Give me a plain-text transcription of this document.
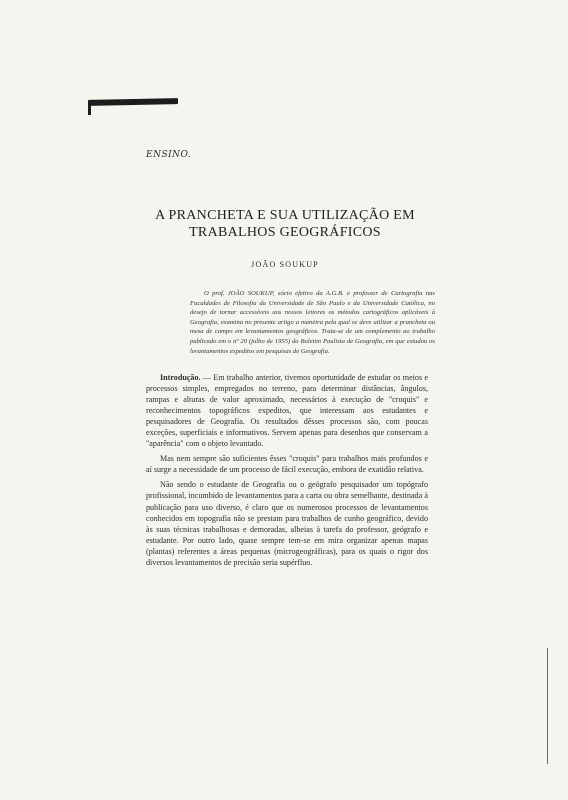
ENSINO.
A PRANCHETA E SUA UTILIZAÇÃO EM
TRABALHOS GEOGRÁFICOS
JOÃO SOUKUP

O prof. JOÃO SOUKUP, sócio efetivo da A.G.B. e professor de Cartografia nas Faculdades de Filosofia da Universidade de São Paulo e da Universidade Católica, no desejo de tornar accessíveis aos nossos leitores os métodos cartográficos aplicáveis à Geografia, examina no presente artigo a maneira pela qual se deve utilizar a prancheta ou mesa de campo em levantamentos geográficos. Trata-se de um complemento ao trabalho publicado em o nº 20 (julho de 1955) do Boletim Paulista de Geografia, em que estudou os levantamentos expeditos em pesquisas de Geografia.

Introdução. — Em trabalho anterior, tivemos oportunidade de estudar os meios e processos simples, empregados no terreno, para determinar distâncias, ângulos, rampas e alturas de valor aproximado, necessários à execução de "croquis" e reconhecimentos topográficos expeditos, que interessam aos estudantes e pesquisadores de Geografia. Os resultados dêsses processos são, com poucas exceções, superficiais e informativos. Servem apenas para desenhos que conservam a "aparência" com o objeto levantado.

Mas nem sempre são suficientes êsses "croquis" para trabalhos mais profundos e aí surge a necessidade de um processo de fácil execução, embora de exatidão relativa.

Não sendo o estudante de Geografia ou o geógrafo pesquisador um topógrafo profissional, incumbido de levantamentos para a carta ou obra semelhante, destinada à publicação para uso diverso, é claro que os numerosos processos de levantamentos conhecidos em topografia não se prestam para trabalhos de cunho geográfico, devido às suas técnicas trabalhosas e demoradas, alheias à tarefa do professor, geógrafo e estudante. Por outro lado, quase sempre tem-se em mira organizar apenas mapas (plantas) referentes a áreas pequenas (microgeográficas), para os quais o rigor dos diversos levantamentos de precisão seria supérfluo.
